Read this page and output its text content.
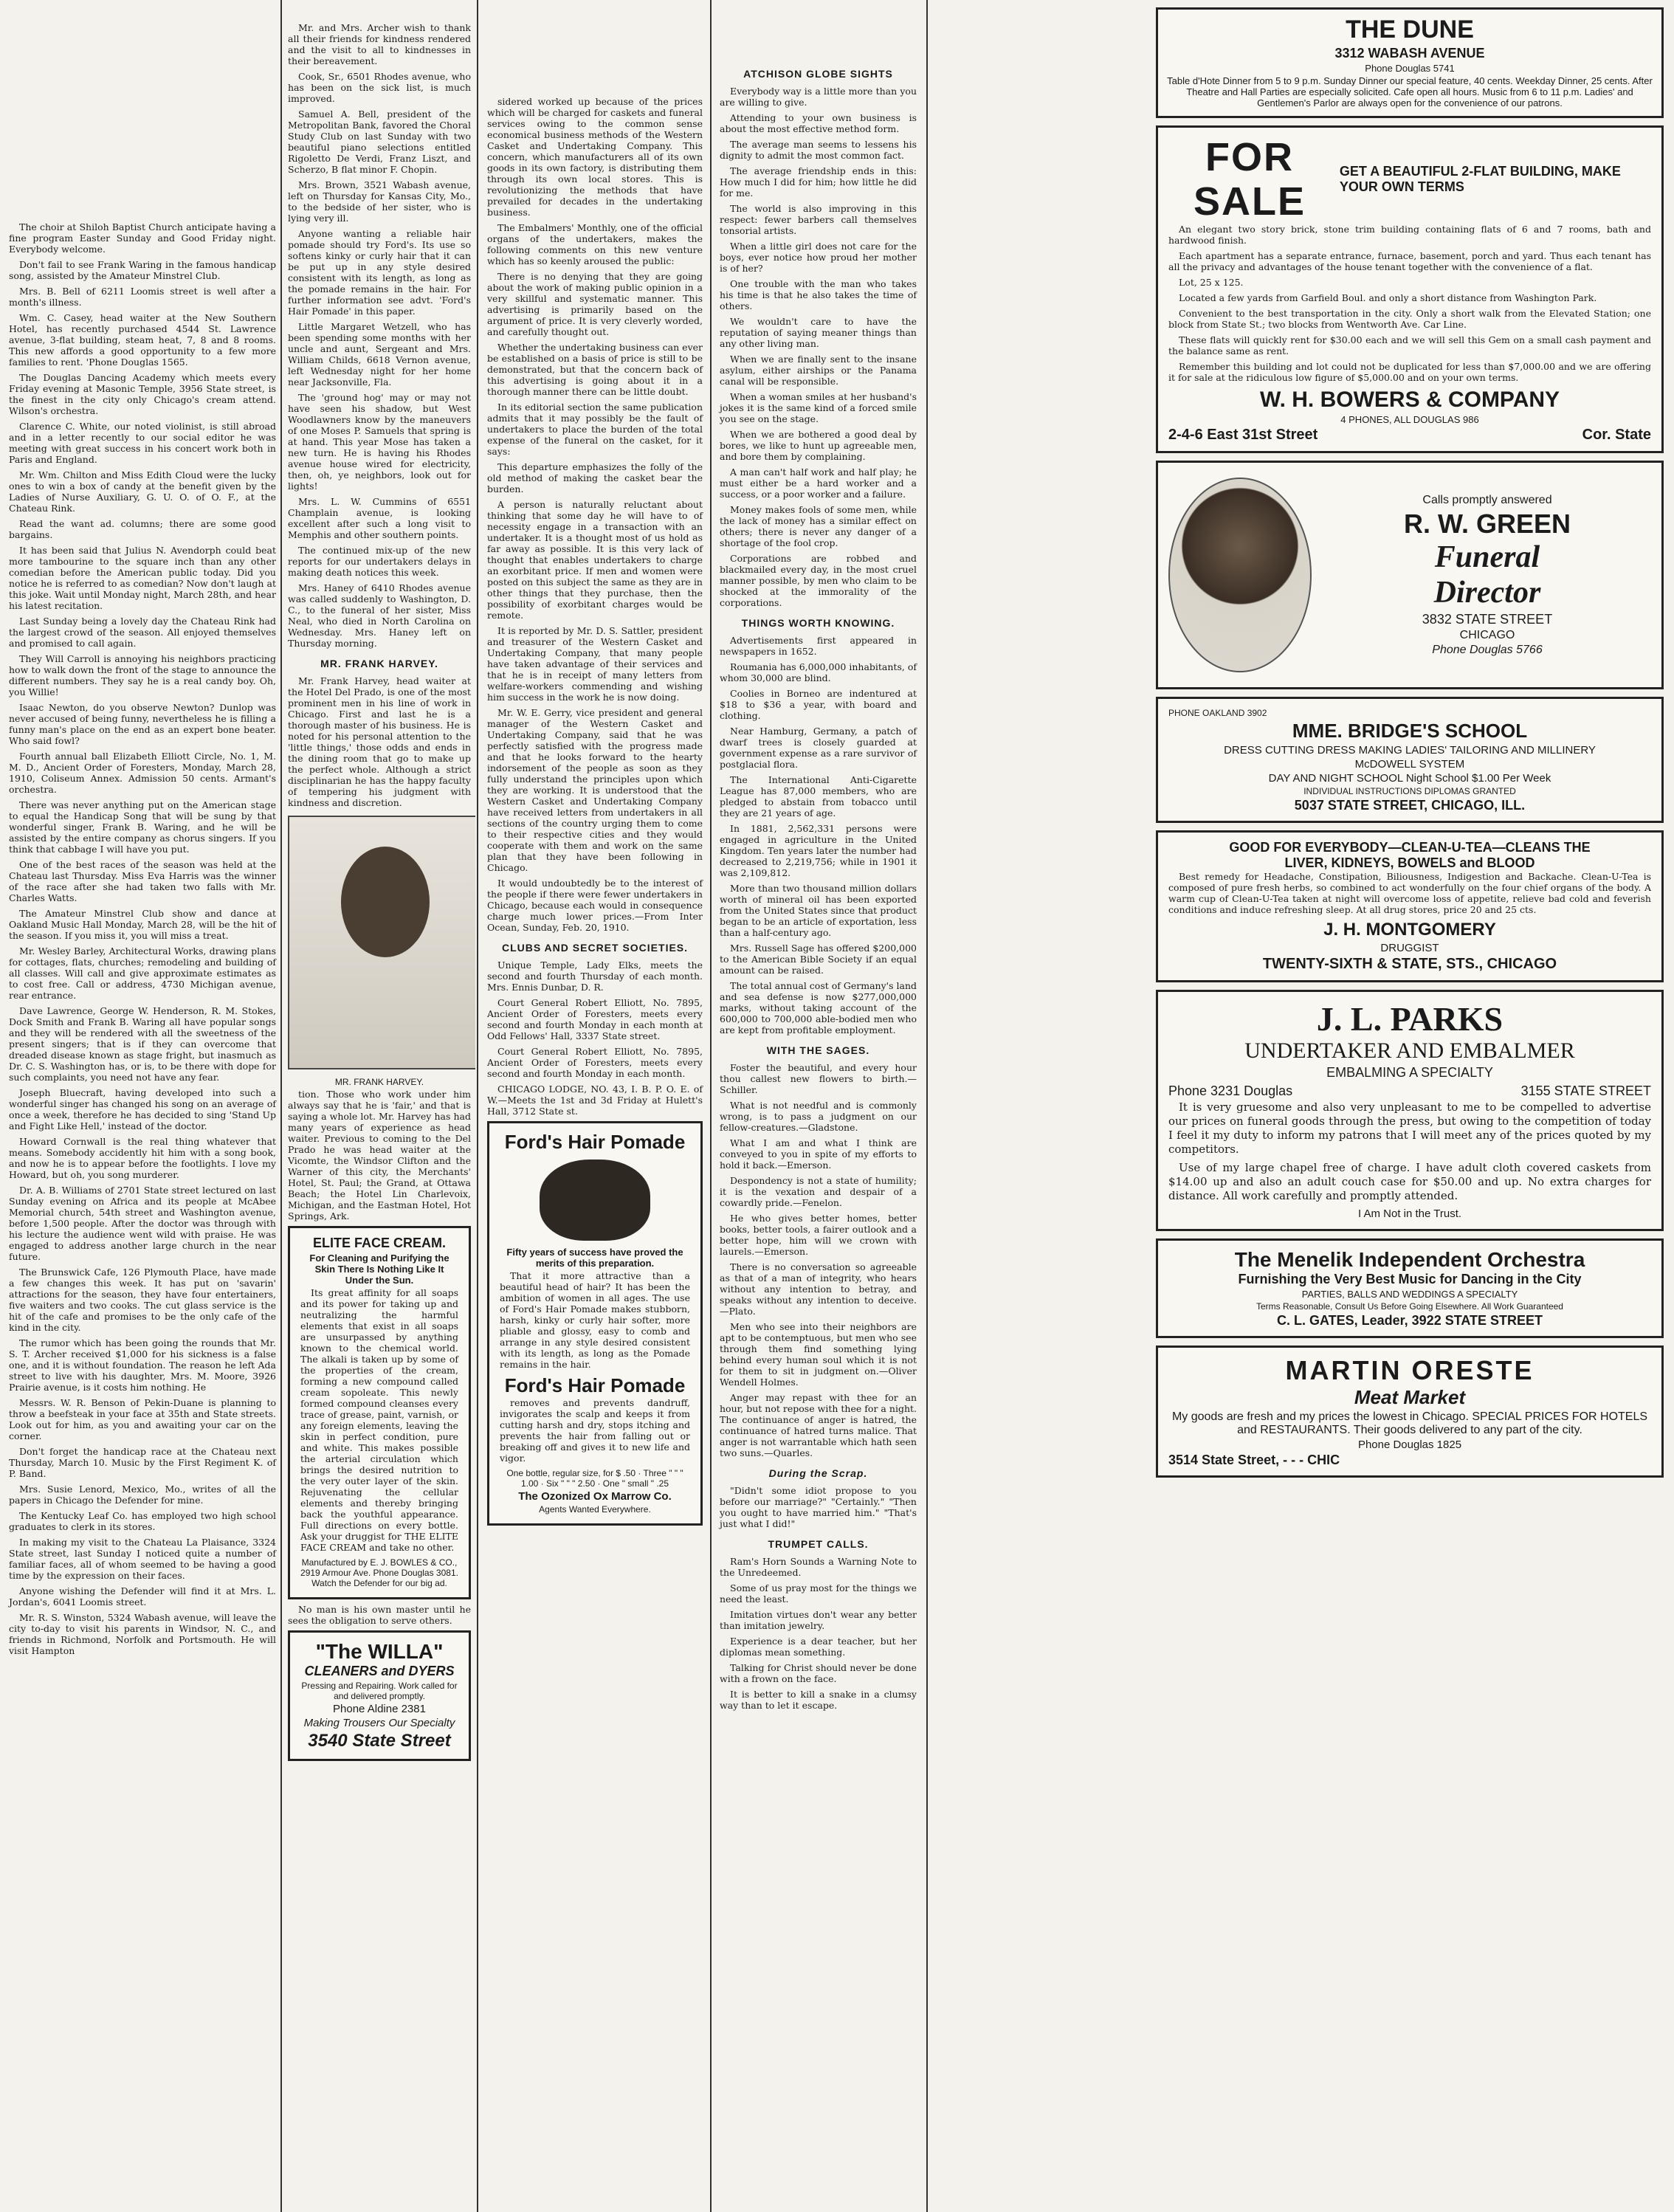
The choir at Shiloh Baptist Church anticipate having a fine program Easter Sunday and Good Friday night. Everybody welcome.

Don't fail to see Frank Waring in the famous handicap song, assisted by the Amateur Minstrel Club.

Mrs. B. Bell of 6211 Loomis street is well after a month's illness.

Wm. C. Casey, head waiter at the New Southern Hotel, has recently purchased 4544 St. Lawrence avenue, 3-flat building, steam heat, 7, 8 and 8 rooms. This new affords a good opportunity to a few more families to rent. 'Phone Douglas 1565.

The Douglas Dancing Academy which meets every Friday evening at Masonic Temple, 3956 State street, is the finest in the city only Chicago's cream attend. Wilson's orchestra.

Clarence C. White, our noted violinist, is still abroad and in a letter recently to our social editor he was meeting with great success in his concert work both in Paris and England.

Mr. Wm. Chilton and Miss Edith Cloud were the lucky ones to win a box of candy at the benefit given by the Ladies of Nurse Auxiliary, G. U. O. of O. F., at the Chateau Rink.

Read the want ad. columns; there are some good bargains.

It has been said that Julius N. Avendorph could beat more tambourine to the square inch than any other comedian before the American public today. Did you notice he is referred to as comedian? Now don't laugh at this joke. Wait until Monday night, March 28th, and hear his latest recitation.

Last Sunday being a lovely day the Chateau Rink had the largest crowd of the season. All enjoyed themselves and promised to call again.

They Will Carroll is annoying his neighbors practicing how to walk down the front of the stage to announce the different numbers. They say he is a real candy boy. Oh, you Willie!

Isaac Newton, do you observe Newton? Dunlop was never accused of being funny, nevertheless he is filling a funny man's place on the end as an expert bone beater. Who said fowl?

Fourth annual ball Elizabeth Elliott Circle, No. 1, M. M. D., Ancient Order of Foresters, Monday, March 28, 1910, Coliseum Annex. Admission 50 cents. Armant's orchestra.

There was never anything put on the American stage to equal the Handicap Song that will be sung by that wonderful singer, Frank B. Waring, and he will be assisted by the entire company as chorus singers. If you think that cabbage I will have you put.

One of the best races of the season was held at the Chateau last Thursday. Miss Eva Harris was the winner of the race after she had taken two falls with Mr. Charles Watts.

The Amateur Minstrel Club show and dance at Oakland Music Hall Monday, March 28, will be the hit of the season. If you miss it, you will miss a treat.

Mr. Wesley Barley, Architectural Works, drawing plans for cottages, flats, churches; remodeling and building of all classes. Will call and give approximate estimates as to cost free. Call or address, 4730 Michigan avenue, rear entrance.

Dave Lawrence, George W. Henderson, R. M. Stokes, Dock Smith and Frank B. Waring all have popular songs and they will be rendered with all the sweetness of the present singers; that is if they can overcome that dreaded disease known as stage fright, but inasmuch as Dr. C. S. Washington has, or is, to be there with dope for such complaints, you need not have any fear.

Joseph Bluecraft, having developed into such a wonderful singer has changed his song on an average of once a week, therefore he has decided to sing 'Stand Up and Fight Like Hell,' instead of the doctor.

Howard Cornwall is the real thing whatever that means. Somebody accidently hit him with a song book, and now he is to appear before the footlights. I love my Howard, but oh, you song murderer.

Dr. A. B. Williams of 2701 State street lectured on last Sunday evening on Africa and its people at McAbee Memorial church, 54th street and Washington avenue, before 1,500 people. After the doctor was through with his lecture the audience went wild with praise. He was engaged to address another large church in the near future.

The Brunswick Cafe, 126 Plymouth Place, have made a few changes this week. It has put on 'savarin' attractions for the season, they have four entertainers, five waiters and two cooks. The cut glass service is the hit of the cafe and promises to be the only cafe of the kind in the city.

The rumor which has been going the rounds that Mr. S. T. Archer received $1,000 for his sickness is a false one, and it is without foundation. The reason he left Ada street to live with his daughter, Mrs. M. Moore, 3926 Prairie avenue, is it costs him nothing. He

Messrs. W. R. Benson of Pekin-Duane is planning to throw a beefsteak in your face at 35th and State streets. Look out for him, as you and awaiting your car on the corner.

Don't forget the handicap race at the Chateau next Thursday, March 10. Music by the First Regiment K. of P. Band.

Mrs. Susie Lenord, Mexico, Mo., writes of all the papers in Chicago the Defender for mine.

The Kentucky Leaf Co. has employed two high school graduates to clerk in its stores.

In making my visit to the Chateau La Plaisance, 3324 State street, last Sunday I noticed quite a number of familiar faces, all of whom seemed to be having a good time by the expression on their faces.

Anyone wishing the Defender will find it at Mrs. L. Jordan's, 6041 Loomis street.

Mr. R. S. Winston, 5324 Wabash avenue, will leave the city to-day to visit his parents in Windsor, N. C., and friends in Richmond, Norfolk and Portsmouth. He will visit Hampton

Mr. and Mrs. Archer wish to thank all their friends for kindness rendered and the visit to all to kindnesses in their bereavement.

Cook, Sr., 6501 Rhodes avenue, who has been on the sick list, is much improved.

Samuel A. Bell, president of the Metropolitan Bank, favored the Choral Study Club on last Sunday with two beautiful piano selections entitled Rigoletto De Verdi, Franz Liszt, and Scherzo, B flat minor F. Chopin.

Mrs. Brown, 3521 Wabash avenue, left on Thursday for Kansas City, Mo., to the bedside of her sister, who is lying very ill.

Anyone wanting a reliable hair pomade should try Ford's. Its use so softens kinky or curly hair that it can be put up in any style desired consistent with its length, as long as the pomade remains in the hair. For further information see advt. 'Ford's Hair Pomade' in this paper.

Little Margaret Wetzell, who has been spending some months with her uncle and aunt, Sergeant and Mrs. William Childs, 6618 Vernon avenue, left Wednesday night for her home near Jacksonville, Fla.

The 'ground hog' may or may not have seen his shadow, but West Woodlawners know by the maneuvers of one Moses P. Samuels that spring is at hand. This year Mose has taken a new turn. He is having his Rhodes avenue house wired for electricity, then, oh, ye neighbors, look out for lights!

Mrs. L. W. Cummins of 6551 Champlain avenue, is looking excellent after such a long visit to Memphis and other southern points.

The continued mix-up of the new reports for our undertakers delays in making death notices this week.

Mrs. Haney of 6410 Rhodes avenue was called suddenly to Washington, D. C., to the funeral of her sister, Miss Neal, who died in North Carolina on Wednesday. Mrs. Haney left on Thursday morning.

MR. FRANK HARVEY.

Mr. Frank Harvey, head waiter at the Hotel Del Prado, is one of the most prominent men in his line of work in Chicago. First and last he is a thorough master of his business. He is noted for his personal attention to the 'little things,' those odds and ends in the dining room that go to make up the perfect whole. Although a strict disciplinarian he has the happy faculty of tempering his judgment with kindness and discretion.

MR. FRANK HARVEY.

tion. Those who work under him always say that he is 'fair,' and that is saying a whole lot. Mr. Harvey has had many years of experience as head waiter. Previous to coming to the Del Prado he was head waiter at the Vicomte, the Windsor Clifton and the Warner of this city, the Merchants' Hotel, St. Paul; the Grand, at Ottawa Beach; the Hotel Lin Charlevoix, Michigan, and the Eastman Hotel, Hot Springs, Ark.

ELITE FACE CREAM.
For Cleaning and Purifying the Skin There Is Nothing Like It Under the Sun.

Its great affinity for all soaps and its power for taking up and neutralizing the harmful elements that exist in all soaps are unsurpassed by anything known to the chemical world. The alkali is taken up by some of the properties of the cream, forming a new compound called cream sopoleate. This newly formed compound cleanses every trace of grease, paint, varnish, or any foreign elements, leaving the skin in perfect condition, pure and white. This makes possible the arterial circulation which brings the desired nutrition to the very outer layer of the skin. Rejuvenating the cellular elements and thereby bringing back the youthful appearance. Full directions on every bottle. Ask your druggist for THE ELITE FACE CREAM and take no other.

Manufactured by E. J. BOWLES & CO., 2919 Armour Ave. Phone Douglas 3081. Watch the Defender for our big ad.

No man is his own master until he sees the obligation to serve others.

"The WILLA"
CLEANERS and DYERS
Pressing and Repairing. Work called for and delivered promptly.
Phone Aldine 2381
Making Trousers Our Specialty
3540 State Street

sidered worked up because of the prices which will be charged for caskets and funeral services owing to the common sense economical business methods of the Western Casket and Undertaking Company. This concern, which manufacturers all of its own goods in its own factory, is distributing them through its own local stores. This is revolutionizing the methods that have prevailed for decades in the undertaking business.

The Embalmers' Monthly, one of the official organs of the undertakers, makes the following comments on this new venture which has so keenly aroused the public:

There is no denying that they are going about the work of making public opinion in a very skillful and systematic manner. This advertising is primarily based on the argument of price. It is very cleverly worded, and carefully thought out.

Whether the undertaking business can ever be established on a basis of price is still to be demonstrated, but that the concern back of this advertising is going about it in a thorough manner there can be little doubt.

In its editorial section the same publication admits that it may possibly be the fault of undertakers to place the burden of the total expense of the funeral on the casket, for it says:

This departure emphasizes the folly of the old method of making the casket bear the burden.

A person is naturally reluctant about thinking that some day he will have to of necessity engage in a transaction with an undertaker. It is a thought most of us hold as far away as possible. It is this very lack of thought that enables undertakers to charge an exorbitant price. If men and women were posted on this subject the same as they are in other things that they purchase, then the possibility of exorbitant charges would be remote.

It is reported by Mr. D. S. Sattler, president and treasurer of the Western Casket and Undertaking Company, that many people have taken advantage of their services and that he is in receipt of many letters from welfare-workers commending and wishing him success in the work he is now doing.

Mr. W. E. Gerry, vice president and general manager of the Western Casket and Undertaking Company, said that he was perfectly satisfied with the progress made and that he looks forward to the hearty indorsement of the people as soon as they fully understand the principles upon which they are working. It is understood that the Western Casket and Undertaking Company have received letters from undertakers in all sections of the country urging them to come to their respective cities and they would cooperate with them and work on the same plan that they have been following in Chicago.

It would undoubtedly be to the interest of the people if there were fewer undertakers in Chicago, because each would in consequence charge much lower prices.—From Inter Ocean, Sunday, Feb. 20, 1910.

CLUBS AND SECRET SOCIETIES.

Unique Temple, Lady Elks, meets the second and fourth Thursday of each month. Mrs. Ennis Dunbar, D. R.

Court General Robert Elliott, No. 7895, Ancient Order of Foresters, meets every second and fourth Monday in each month at Odd Fellows' Hall, 3337 State street.

Court General Robert Elliott, No. 7895, Ancient Order of Foresters, meets every second and fourth Monday in each month.

CHICAGO LODGE, NO. 43, I. B. P. O. E. of W.—Meets the 1st and 3d Friday at Hulett's Hall, 3712 State st.

Ford's Hair Pomade
Fifty years of success have proved the merits of this preparation.

That it more attractive than a beautiful head of hair? It has been the ambition of women in all ages. The use of Ford's Hair Pomade makes stubborn, harsh, kinky or curly hair softer, more pliable and glossy, easy to comb and arrange in any style desired consistent with its length, as long as the Pomade remains in the hair.

Ford's Hair Pomade

removes and prevents dandruff, invigorates the scalp and keeps it from cutting harsh and dry, stops itching and prevents the hair from falling out or breaking off and gives it to new life and vigor.

One bottle, regular size, for $ .50 · Three " " " 1.00 · Six " " " 2.50 · One " small " .25
The Ozonized Ox Marrow Co.
Agents Wanted Everywhere.
ATCHISON GLOBE SIGHTS

Everybody way is a little more than you are willing to give.

Attending to your own business is about the most effective method form.

The average man seems to lessens his dignity to admit the most common fact.

The average friendship ends in this: How much I did for him; how little he did for me.

The world is also improving in this respect: fewer barbers call themselves tonsorial artists.

When a little girl does not care for the boys, ever notice how proud her mother is of her?

One trouble with the man who takes his time is that he also takes the time of others.

We wouldn't care to have the reputation of saying meaner things than any other living man.

When we are finally sent to the insane asylum, either airships or the Panama canal will be responsible.

When a woman smiles at her husband's jokes it is the same kind of a forced smile you see on the stage.

When we are bothered a good deal by bores, we like to hunt up agreeable men, and bore them by complaining.

A man can't half work and half play; he must either be a hard worker and a success, or a poor worker and a failure.

Money makes fools of some men, while the lack of money has a similar effect on others; there is never any danger of a shortage of the fool crop.

Corporations are robbed and blackmailed every day, in the most cruel manner possible, by men who claim to be shocked at the immorality of the corporations.

THINGS WORTH KNOWING.

Advertisements first appeared in newspapers in 1652.

Roumania has 6,000,000 inhabitants, of whom 30,000 are blind.

Coolies in Borneo are indentured at $18 to $36 a year, with board and clothing.

Near Hamburg, Germany, a patch of dwarf trees is closely guarded at government expense as a rare survivor of postglacial flora.

The International Anti-Cigarette League has 87,000 members, who are pledged to abstain from tobacco until they are 21 years of age.

In 1881, 2,562,331 persons were engaged in agriculture in the United Kingdom. Ten years later the number had decreased to 2,219,756; while in 1901 it was 2,109,812.

More than two thousand million dollars worth of mineral oil has been exported from the United States since that product began to be an article of exportation, less than a half-century ago.

Mrs. Russell Sage has offered $200,000 to the American Bible Society if an equal amount can be raised.

The total annual cost of Germany's land and sea defense is now $277,000,000 marks, without taking account of the 600,000 to 700,000 able-bodied men who are kept from profitable employment.

WITH THE SAGES.

Foster the beautiful, and every hour thou callest new flowers to birth.—Schiller.

What is not needful and is commonly wrong, is to pass a judgment on our fellow-creatures.—Gladstone.

What I am and what I think are conveyed to you in spite of my efforts to hold it back.—Emerson.

Despondency is not a state of humility; it is the vexation and despair of a cowardly pride.—Fenelon.

He who gives better homes, better books, better tools, a fairer outlook and a better hope, him will we crown with laurels.—Emerson.

There is no conversation so agreeable as that of a man of integrity, who hears without any intention to betray, and speaks without any intention to deceive.—Plato.

Men who see into their neighbors are apt to be contemptuous, but men who see through them find something lying behind every human soul which it is not for them to sit in judgment on.—Oliver Wendell Holmes.

Anger may repast with thee for an hour, but not repose with thee for a night. The continuance of anger is hatred, the continuance of hatred turns malice. That anger is not warrantable which hath seen two suns.—Quarles.

During the Scrap.

"Didn't some idiot propose to you before our marriage?" "Certainly." "Then you ought to have married him." "That's just what I did!"

TRUMPET CALLS.

Ram's Horn Sounds a Warning Note to the Unredeemed.

Some of us pray most for the things we need the least.

Imitation virtues don't wear any better than imitation jewelry.

Experience is a dear teacher, but her diplomas mean something.

Talking for Christ should never be done with a frown on the face.

It is better to kill a snake in a clumsy way than to let it escape.

THE DUNE
3312 WABASH AVENUE
Phone Douglas 5741
Table d'Hote Dinner from 5 to 9 p.m. Sunday Dinner our special feature, 40 cents. Weekday Dinner, 25 cents. After Theatre and Hall Parties are especially solicited. Cafe open all hours. Music from 6 to 11 p.m. Ladies' and Gentlemen's Parlor are always open for the convenience of our patrons.
FOR SALE
GET A BEAUTIFUL 2-FLAT BUILDING, MAKE YOUR OWN TERMS

An elegant two story brick, stone trim building containing flats of 6 and 7 rooms, bath and hardwood finish.

Each apartment has a separate entrance, furnace, basement, porch and yard. Thus each tenant has all the privacy and advantages of the house tenant together with the convenience of a flat.

Lot, 25 x 125.

Located a few yards from Garfield Boul. and only a short distance from Washington Park.

Convenient to the best transportation in the city. Only a short walk from the Elevated Station; one block from State St.; two blocks from Wentworth Ave. Car Line.

These flats will quickly rent for $30.00 each and we will sell this Gem on a small cash payment and the balance same as rent.

Remember this building and lot could not be duplicated for less than $7,000.00 and we are offering it for sale at the ridiculous low figure of $5,000.00 and on your own terms.

W. H. BOWERS & COMPANY
4 PHONES, ALL DOUGLAS 986
2-4-6 East 31st Street	Cor. State
Calls promptly answered
R. W. GREEN
Funeral
Director
3832 STATE STREET
CHICAGO
Phone Douglas 5766
PHONE OAKLAND 3902
MME. BRIDGE'S SCHOOL
DRESS CUTTING DRESS MAKING LADIES' TAILORING AND MILLINERY
McDOWELL SYSTEM
DAY AND NIGHT SCHOOL Night School $1.00 Per Week
INDIVIDUAL INSTRUCTIONS DIPLOMAS GRANTED
5037 STATE STREET, CHICAGO, ILL.
GOOD FOR EVERYBODY—CLEAN-U-TEA—CLEANS THE
LIVER, KIDNEYS, BOWELS and BLOOD

Best remedy for Headache, Constipation, Biliousness, Indigestion and Backache. Clean-U-Tea is composed of pure fresh herbs, so combined to act wonderfully on the four chief organs of the body. A warm cup of Clean-U-Tea taken at night will overcome loss of appetite, relieve bad cold and feverish conditions and induce refreshing sleep. At all drug stores, price 20 and 25 cts.

J. H. MONTGOMERY
DRUGGIST
TWENTY-SIXTH & STATE, STS., CHICAGO
J. L. PARKS
UNDERTAKER AND EMBALMER
EMBALMING A SPECIALTY
Phone 3231 Douglas	3155 STATE STREET

It is very gruesome and also very unpleasant to me to be compelled to advertise our prices on funeral goods through the press, but owing to the competition of today I feel it my duty to inform my patrons that I will meet any of the prices quoted by my competitors.

Use of my large chapel free of charge. I have adult cloth covered caskets from $14.00 up and also an adult couch case for $50.00 and up. No extra charges for distance. All work carefully and promptly attended.

I Am Not in the Trust.
The Menelik Independent Orchestra
Furnishing the Very Best Music for Dancing in the City
PARTIES, BALLS AND WEDDINGS A SPECIALTY
Terms Reasonable, Consult Us Before Going Elsewhere. All Work Guaranteed
C. L. GATES, Leader, 3922 STATE STREET
MARTIN ORESTE
Meat Market
My goods are fresh and my prices the lowest in Chicago. SPECIAL PRICES FOR HOTELS and RESTAURANTS. Their goods delivered to any part of the city.
Phone Douglas 1825
3514 State Street, - - - CHIC
